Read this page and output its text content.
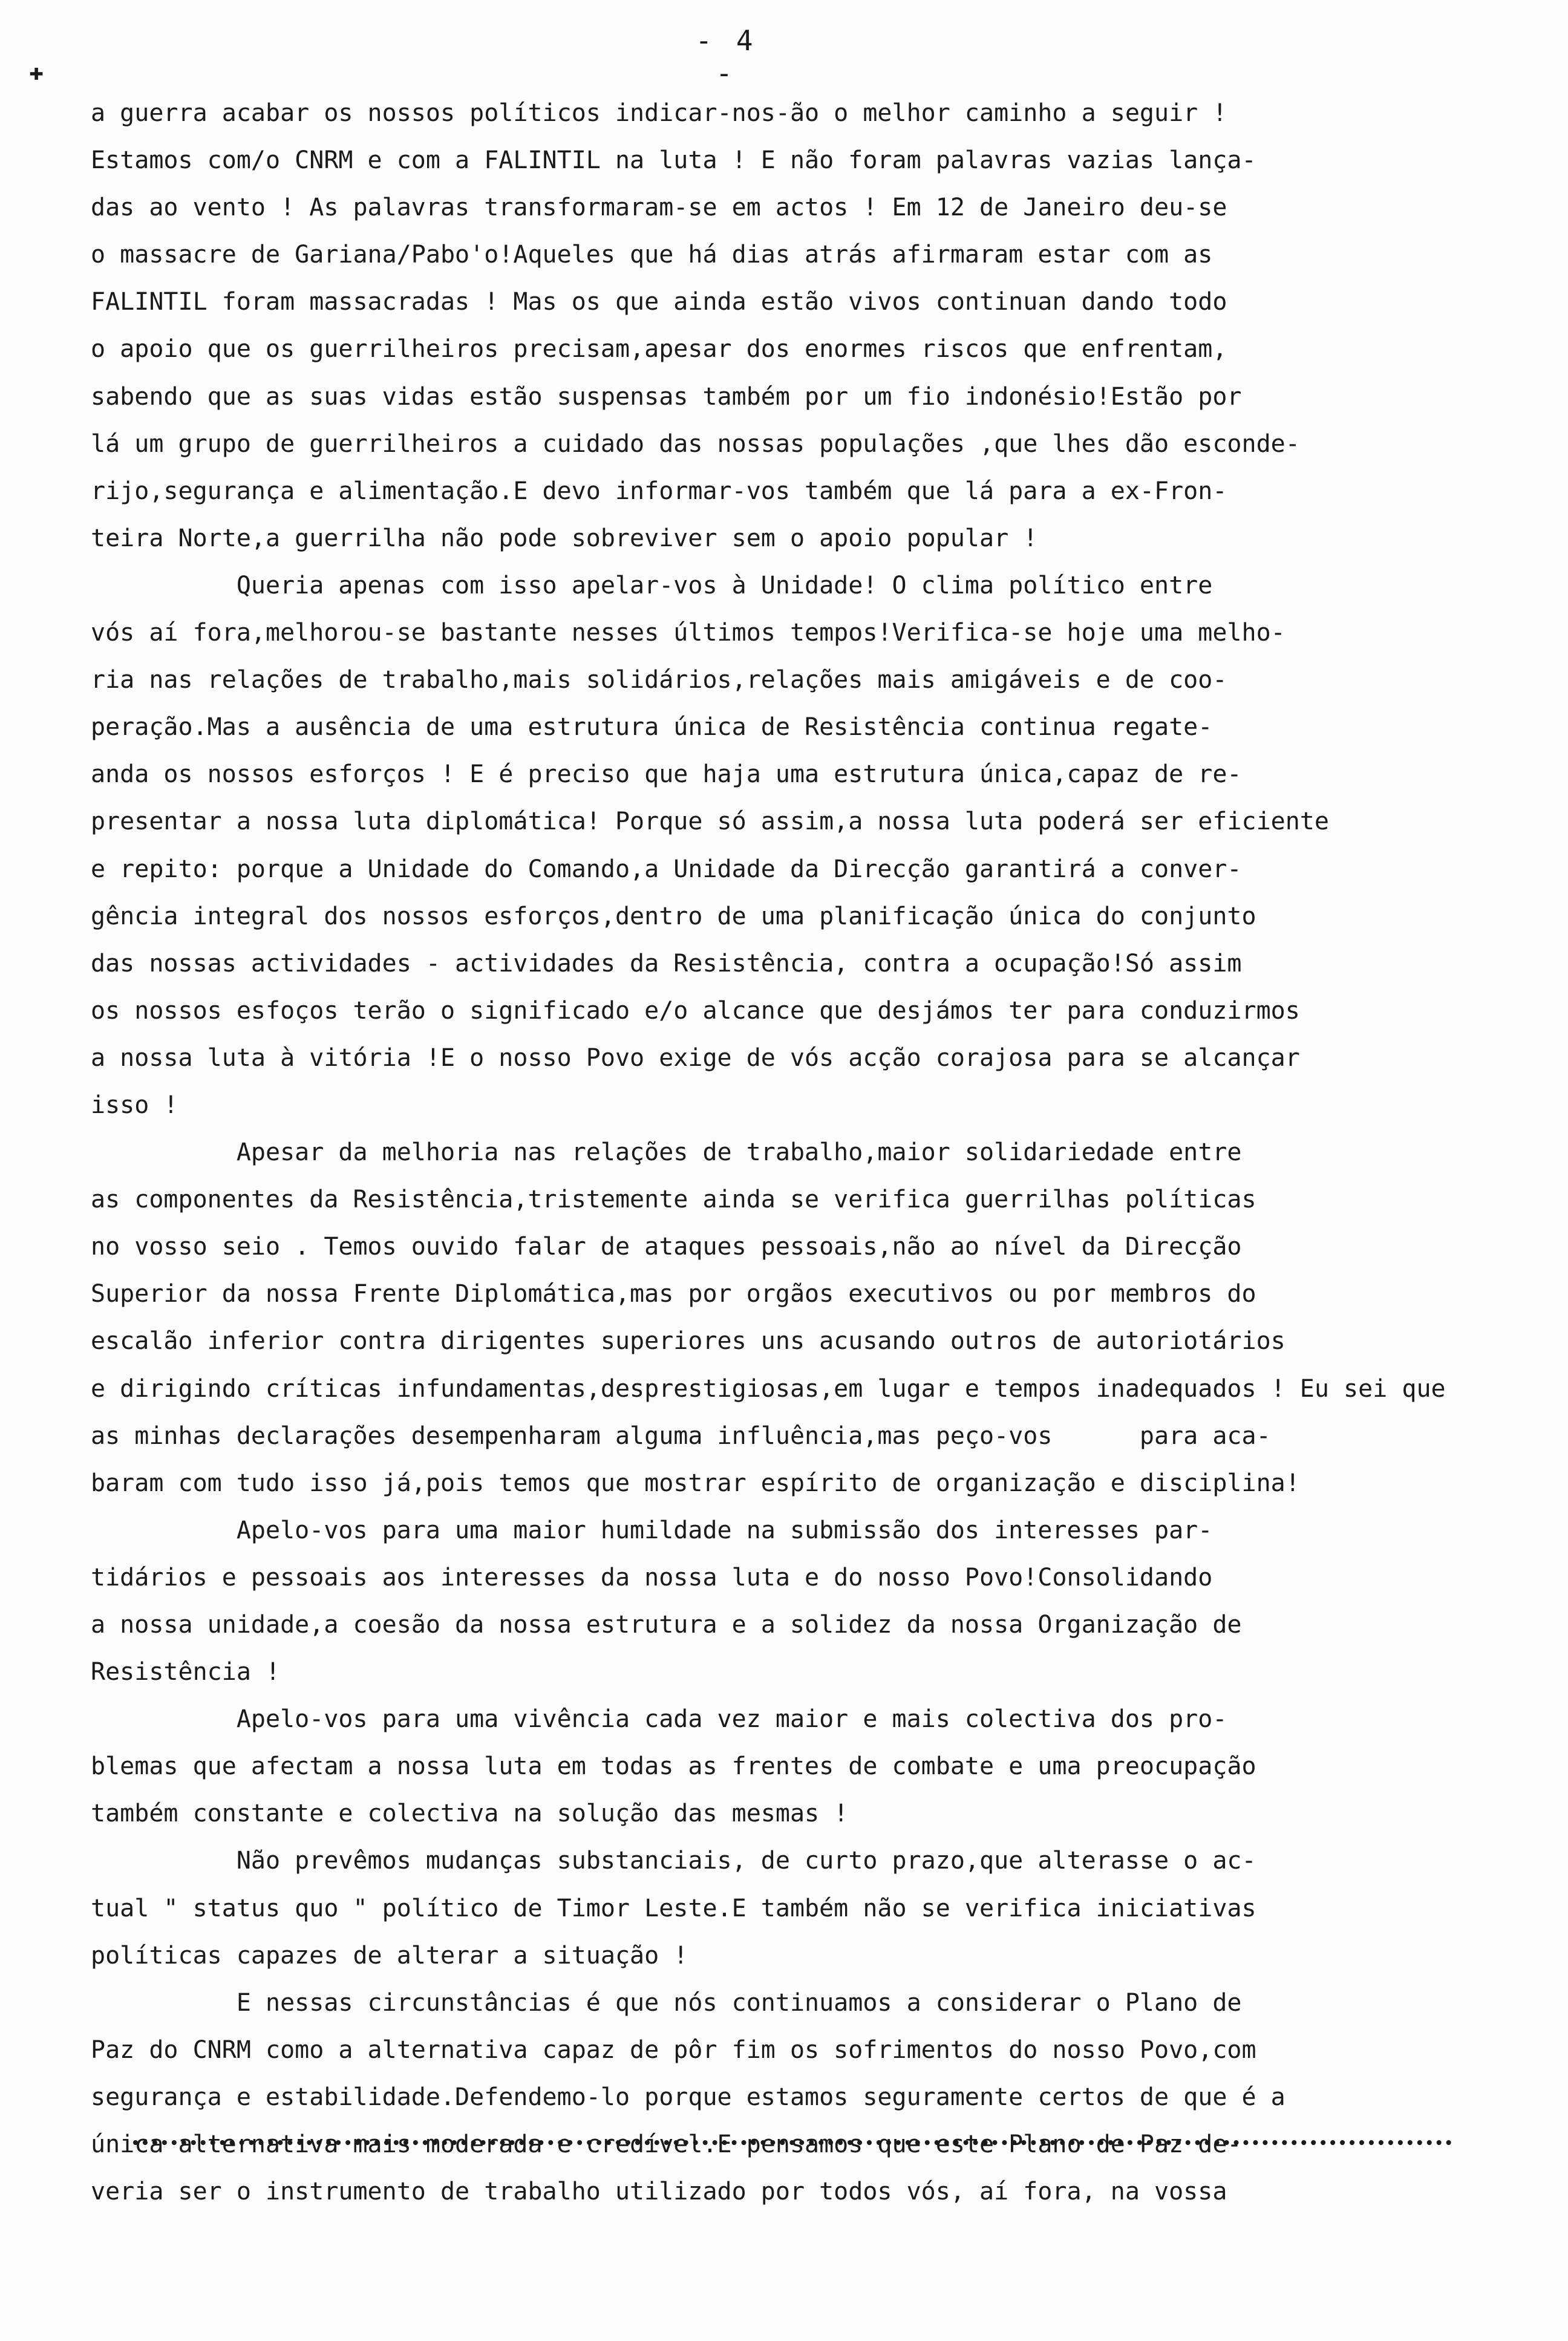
✚
- 4 -
a guerra acabar os nossos políticos indicar-nos-ão o melhor caminho a seguir !
Estamos com/o CNRM e com a FALINTIL na luta ! E não foram palavras vazias lança-
das ao vento ! As palavras transformaram-se em actos ! Em 12 de Janeiro deu-se
o massacre de Gariana/Pabo'o!Aqueles que há dias atrás afirmaram estar com as
FALINTIL foram massacradas ! Mas os que ainda estão vivos continuan dando todo
o apoio que os guerrilheiros precisam,apesar dos enormes riscos que enfrentam,
sabendo que as suas vidas estão suspensas também por um fio indonésio!Estão por
lá um grupo de guerrilheiros a cuidado das nossas populações ,que lhes dão esconde-
rijo,segurança e alimentação.E devo informar-vos também que lá para a ex-Fron-
teira Norte,a guerrilha não pode sobreviver sem o apoio popular !
Queria apenas com isso apelar-vos à Unidade! O clima político entre
vós aí fora,melhorou-se bastante nesses últimos tempos!Verifica-se hoje uma melho-
ria nas relações de trabalho,mais solidários,relações mais amigáveis e de coo-
peração.Mas a ausência de uma estrutura única de Resistência continua regate-
anda os nossos esforços ! E é preciso que haja uma estrutura única,capaz de re-
presentar a nossa luta diplomática! Porque só assim,a nossa luta poderá ser eficiente
e repito: porque a Unidade do Comando,a Unidade da Direcção garantirá a conver-
gência integral dos nossos esforços,dentro de uma planificação única do conjunto
das nossas actividades - actividades da Resistência, contra a ocupação!Só assim
os nossos esfoços terão o significado e/o alcance que desjámos ter para conduzirmos
a nossa luta à vitória !E o nosso Povo exige de vós acção corajosa para se alcançar
isso !
Apesar da melhoria nas relações de trabalho,maior solidariedade entre
as componentes da Resistência,tristemente ainda se verifica guerrilhas políticas
no vosso seio . Temos ouvido falar de ataques pessoais,não ao nível da Direcção
Superior da nossa Frente Diplomática,mas por orgãos executivos ou por membros do
escalão inferior contra dirigentes superiores uns acusando outros de autoriotários
e dirigindo críticas infundamentas,desprestigiosas,em lugar e tempos inadequados ! Eu sei que
as minhas declarações desempenharam alguma influência,mas peço-vos      para aca-
baram com tudo isso já,pois temos que mostrar espírito de organização e disciplina!
Apelo-vos para uma maior humildade na submissão dos interesses par-
tidários e pessoais aos interesses da nossa luta e do nosso Povo!Consolidando
a nossa unidade,a coesão da nossa estrutura e a solidez da nossa Organização de
Resistência !
Apelo-vos para uma vivência cada vez maior e mais colectiva dos pro-
blemas que afectam a nossa luta em todas as frentes de combate e uma preocupação
também constante e colectiva na solução das mesmas !
Não prevêmos mudanças substanciais, de curto prazo,que alterasse o ac-
tual " status quo " político de Timor Leste.E também não se verifica iniciativas
políticas capazes de alterar a situação !
E nessas circunstâncias é que nós continuamos a considerar o Plano de
Paz do CNRM como a alternativa capaz de pôr fim os sofrimentos do nosso Povo,com
segurança e estabilidade.Defendemo-lo porque estamos seguramente certos de que é a
única alternativa mais moderada e credível.E pensamos que este Plano de Paz de-
veria ser o instrumento de trabalho utilizado por todos vós, aí fora, na vossa
